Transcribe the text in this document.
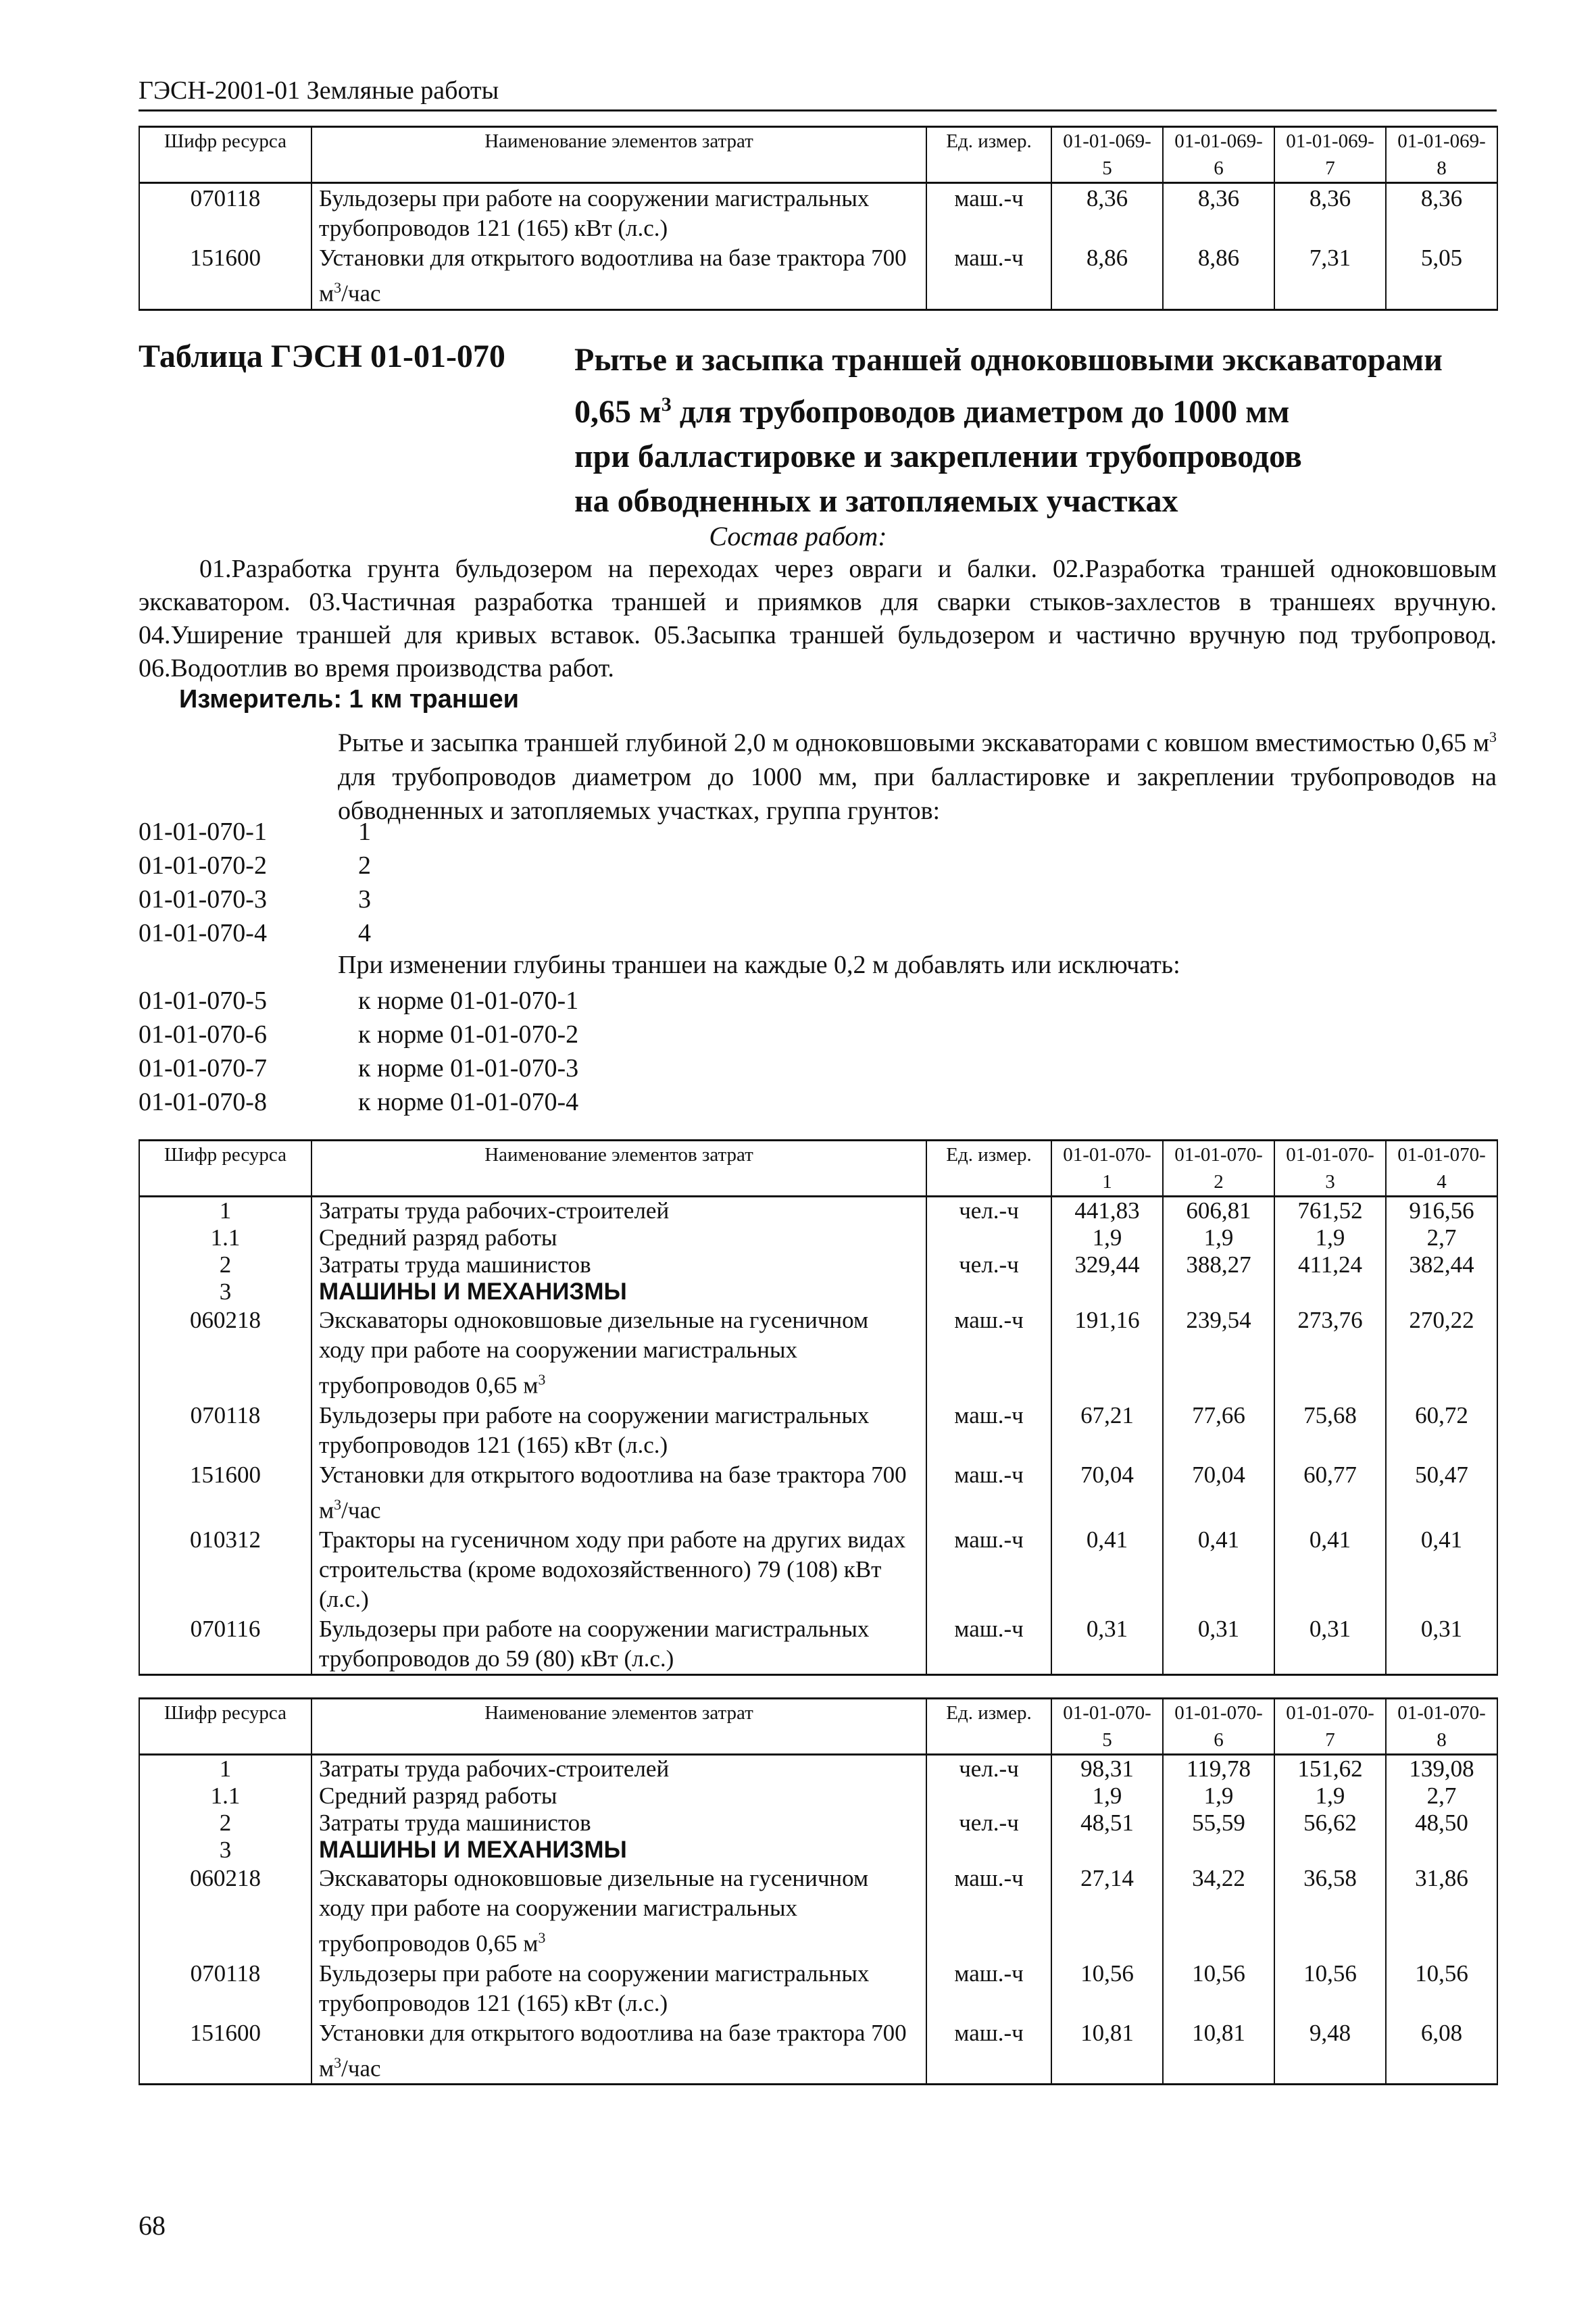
ГЭСН-2001-01 Земляные работы
Шифр ресурса	Наименование элементов затрат	Ед. измер.	01-01-069-5	01-01-069-6	01-01-069-7	01-01-069-8
070118	Бульдозеры при работе на сооружении магистральных трубопроводов 121 (165) кВт (л.с.)	маш.-ч	8,36	8,36	8,36	8,36
151600	Установки для открытого водоотлива на базе трактора 700 $м^3$/час	маш.-ч	8,86	8,86	7,31	5,05
Таблица ГЭСН 01-01-070 Рытье и засыпка траншей одноковшовыми экскаваторами
0,65 $м^3$ для трубопроводов диаметром до 1000 мм
при балластировке и закреплении трубопроводов
на обводненных и затопляемых участках
Состав работ:
01.Разработка грунта бульдозером на переходах через овраги и балки. 02.Разработка траншей одноковшовым экскаватором. 03.Частичная разработка траншей и приямков для сварки стыков-захлестов в траншеях вручную. 04.Уширение траншей для кривых вставок. 05.Засыпка траншей бульдозером и частично вручную под трубопровод. 06.Водоотлив во время производства работ.
Измеритель: 1 км траншеи
Рытье и засыпка траншей глубиной 2,0 м одноковшовыми экскаваторами с ковшом вместимостью 0,65 $м^3$ для трубопроводов диаметром до 1000 мм, при балластировке и закреплении трубопроводов на обводненных и затопляемых участках, группа грунтов:
01-01-070-1	1
01-01-070-2	2
01-01-070-3	3
01-01-070-4	4
При изменении глубины траншеи на каждые 0,2 м добавлять или исключать:
01-01-070-5	к норме 01-01-070-1
01-01-070-6	к норме 01-01-070-2
01-01-070-7	к норме 01-01-070-3
01-01-070-8	к норме 01-01-070-4
Шифр ресурса	Наименование элементов затрат	Ед. измер.	01-01-070-1	01-01-070-2	01-01-070-3	01-01-070-4
1	Затраты труда рабочих-строителей	чел.-ч	441,83	606,81	761,52	916,56
1.1	Средний разряд работы		1,9	1,9	1,9	2,7
2	Затраты труда машинистов	чел.-ч	329,44	388,27	411,24	382,44
3	МАШИНЫ И МЕХАНИЗМЫ					
060218	Экскаваторы одноковшовые дизельные на гусеничном ходу при работе на сооружении магистральных трубопроводов 0,65 $м^3$	маш.-ч	191,16	239,54	273,76	270,22
070118	Бульдозеры при работе на сооружении магистральных трубопроводов 121 (165) кВт (л.с.)	маш.-ч	67,21	77,66	75,68	60,72
151600	Установки для открытого водоотлива на базе трактора 700 $м^3$/час	маш.-ч	70,04	70,04	60,77	50,47
010312	Тракторы на гусеничном ходу при работе на других видах строительства (кроме водохозяйственного) 79 (108) кВт (л.с.)	маш.-ч	0,41	0,41	0,41	0,41
070116	Бульдозеры при работе на сооружении магистральных трубопроводов до 59 (80) кВт (л.с.)	маш.-ч	0,31	0,31	0,31	0,31
Шифр ресурса	Наименование элементов затрат	Ед. измер.	01-01-070-5	01-01-070-6	01-01-070-7	01-01-070-8
1	Затраты труда рабочих-строителей	чел.-ч	98,31	119,78	151,62	139,08
1.1	Средний разряд работы		1,9	1,9	1,9	2,7
2	Затраты труда машинистов	чел.-ч	48,51	55,59	56,62	48,50
3	МАШИНЫ И МЕХАНИЗМЫ					
060218	Экскаваторы одноковшовые дизельные на гусеничном ходу при работе на сооружении магистральных трубопроводов 0,65 $м^3$	маш.-ч	27,14	34,22	36,58	31,86
070118	Бульдозеры при работе на сооружении магистральных трубопроводов 121 (165) кВт (л.с.)	маш.-ч	10,56	10,56	10,56	10,56
151600	Установки для открытого водоотлива на базе трактора 700 $м^3$/час	маш.-ч	10,81	10,81	9,48	6,08
68
